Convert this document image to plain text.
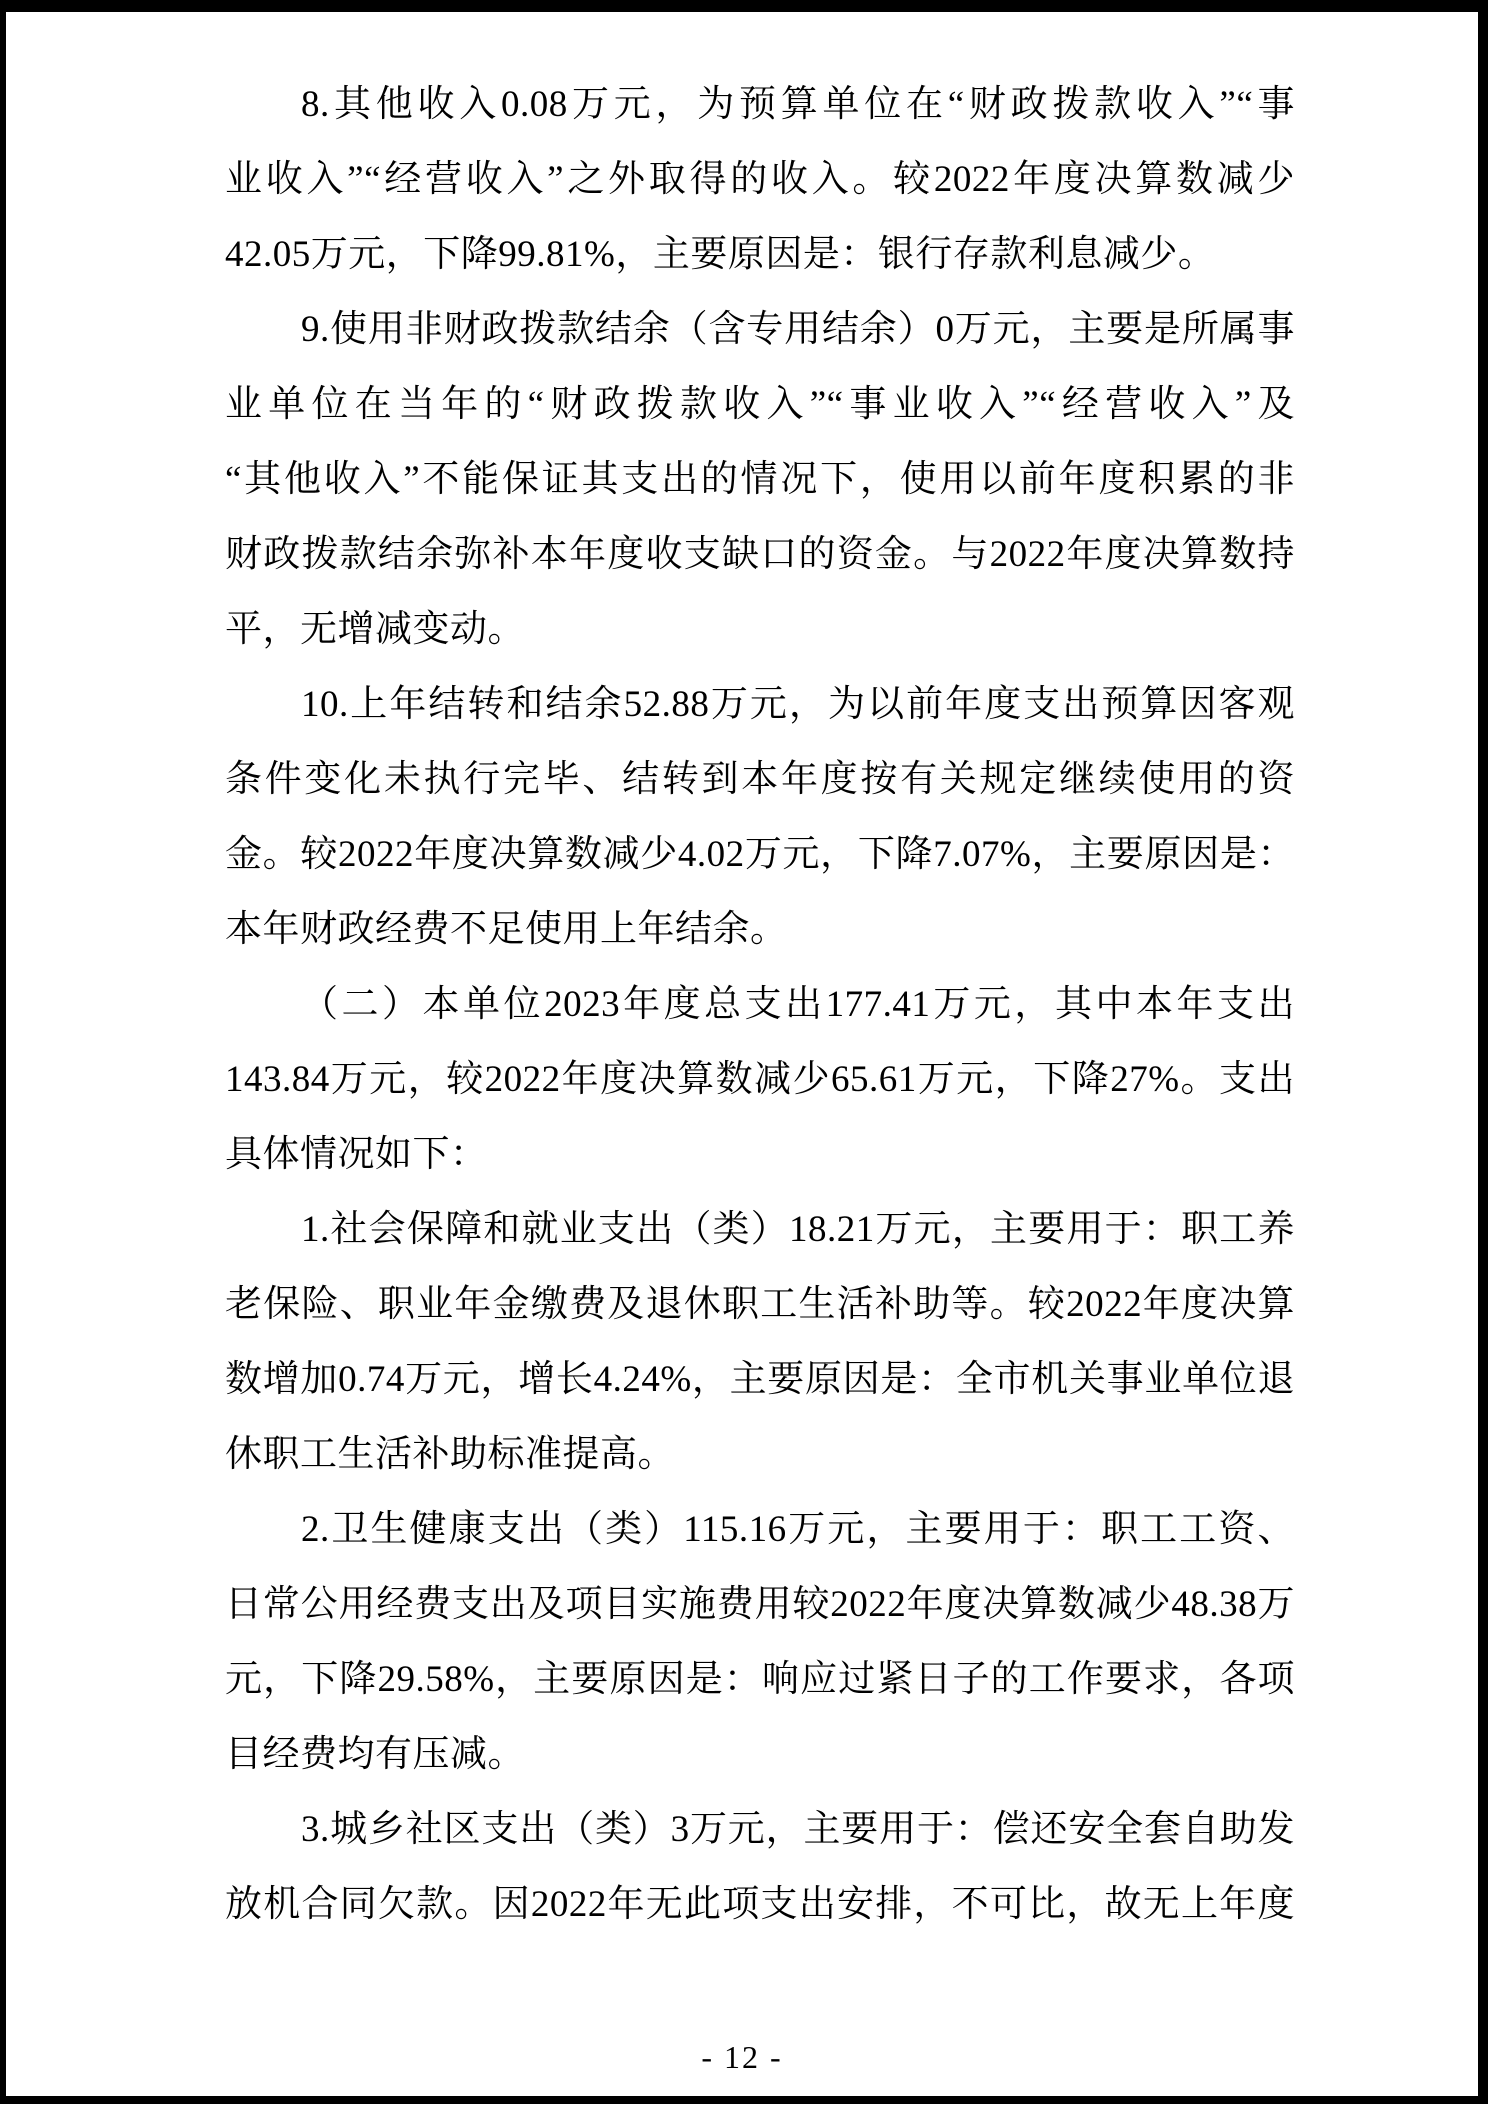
8.其他收入0.08万元，为预算单位在“财政拨款收入”“事
业收入”“经营收入”之外取得的收入。较2022年度决算数减少
42.05万元，下降99.81%，主要原因是：银行存款利息减少。
9.使用非财政拨款结余（含专用结余）0万元，主要是所属事
业单位在当年的“财政拨款收入”“事业收入”“经营收入”及
“其他收入”不能保证其支出的情况下，使用以前年度积累的非
财政拨款结余弥补本年度收支缺口的资金。与2022年度决算数持
平，无增减变动。
10.上年结转和结余52.88万元，为以前年度支出预算因客观
条件变化未执行完毕、结转到本年度按有关规定继续使用的资
金。较2022年度决算数减少4.02万元，下降7.07%，主要原因是：
本年财政经费不足使用上年结余。
（二）本单位2023年度总支出177.41万元，其中本年支出
143.84万元，较2022年度决算数减少65.61万元，下降27%。支出
具体情况如下：
1.社会保障和就业支出（类）18.21万元，主要用于：职工养
老保险、职业年金缴费及退休职工生活补助等。较2022年度决算
数增加0.74万元，增长4.24%，主要原因是：全市机关事业单位退
休职工生活补助标准提高。
2.卫生健康支出（类）115.16万元，主要用于：职工工资、
日常公用经费支出及项目实施费用较2022年度决算数减少48.38万
元，下降29.58%，主要原因是：响应过紧日子的工作要求，各项
目经费均有压减。
3.城乡社区支出（类）3万元，主要用于：偿还安全套自助发
放机合同欠款。因2022年无此项支出安排，不可比，故无上年度
- 12 -
